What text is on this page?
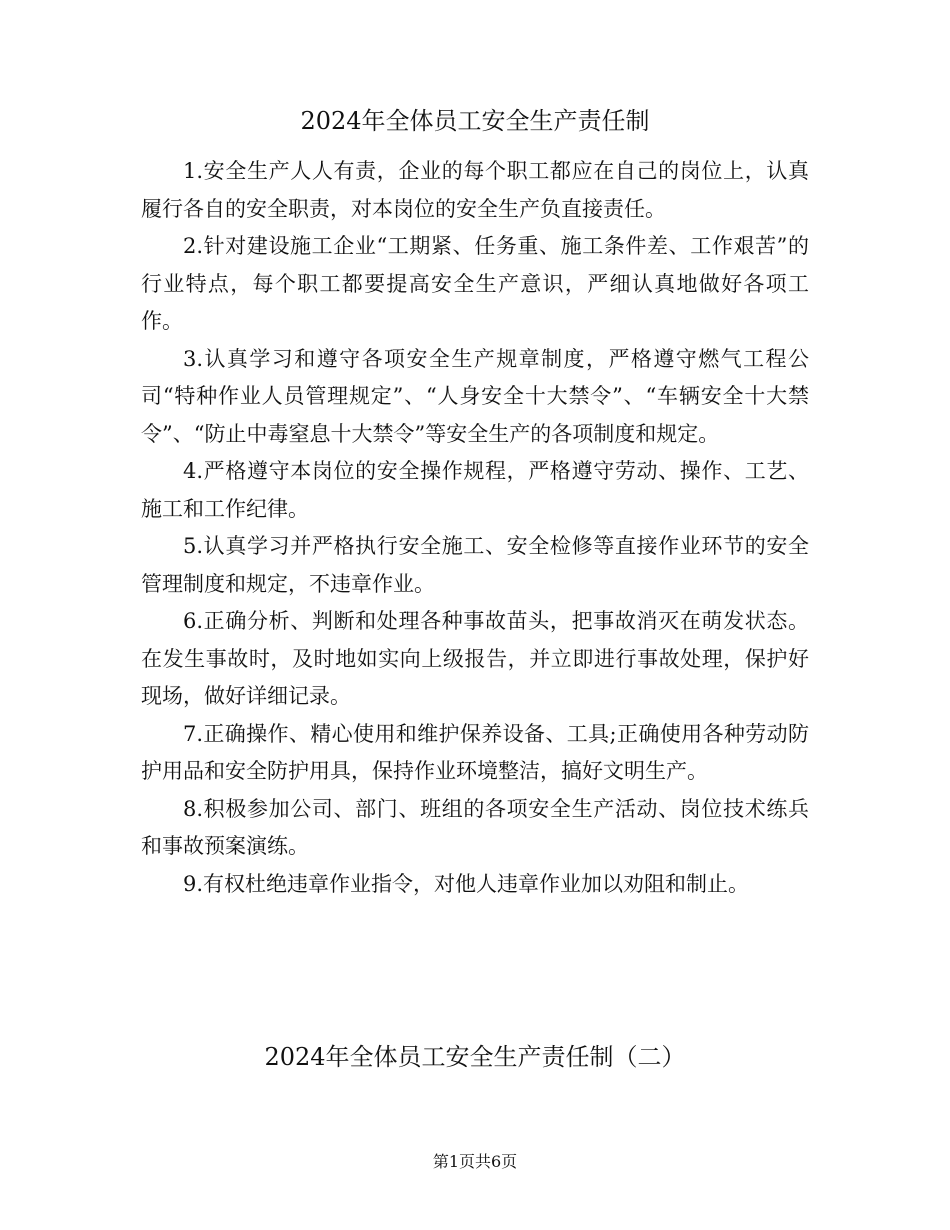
2024年全体员工安全生产责任制

1.安全生产人人有责，企业的每个职工都应在自己的岗位上，认真履行各自的安全职责，对本岗位的安全生产负直接责任。

2.针对建设施工企业“工期紧、任务重、施工条件差、工作艰苦”的行业特点，每个职工都要提高安全生产意识，严细认真地做好各项工作。

3.认真学习和遵守各项安全生产规章制度，严格遵守燃气工程公司“特种作业人员管理规定”、“人身安全十大禁令”、“车辆安全十大禁令”、“防止中毒窒息十大禁令”等安全生产的各项制度和规定。

4.严格遵守本岗位的安全操作规程，严格遵守劳动、操作、工艺、施工和工作纪律。

5.认真学习并严格执行安全施工、安全检修等直接作业环节的安全管理制度和规定，不违章作业。

6.正确分析、判断和处理各种事故苗头，把事故消灭在萌发状态。在发生事故时，及时地如实向上级报告，并立即进行事故处理，保护好现场，做好详细记录。

7.正确操作、精心使用和维护保养设备、工具;正确使用各种劳动防护用品和安全防护用具，保持作业环境整洁，搞好文明生产。

8.积极参加公司、部门、班组的各项安全生产活动、岗位技术练兵和事故预案演练。

9.有权杜绝违章作业指令，对他人违章作业加以劝阻和制止。

2024年全体员工安全生产责任制（二）
第1页共6页
